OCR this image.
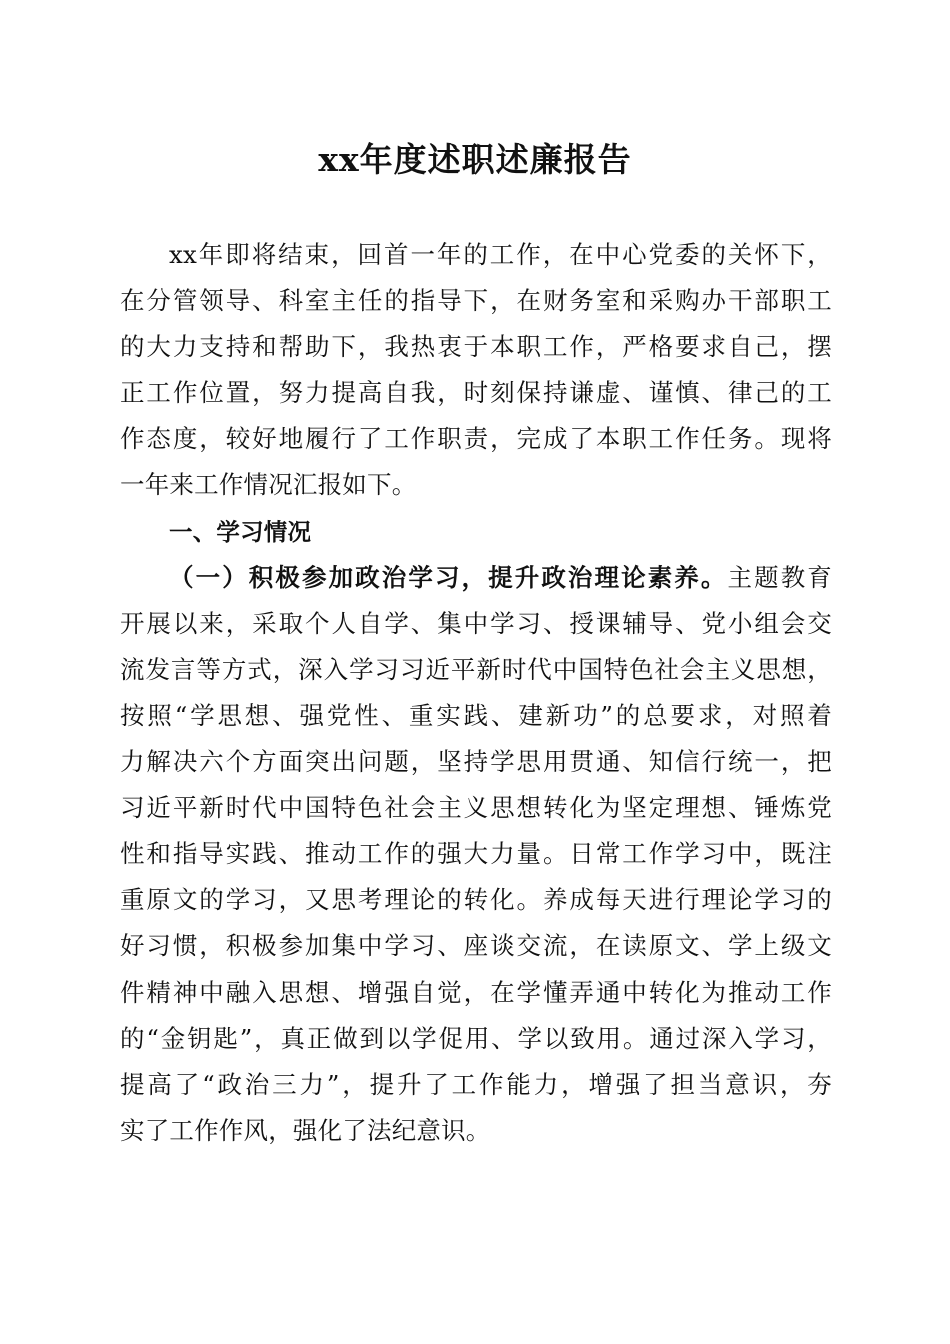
xx年度述职述廉报告
xx年即将结束，回首一年的工作，在中心党委的关怀下，
在分管领导、科室主任的指导下，在财务室和采购办干部职工
的大力支持和帮助下，我热衷于本职工作，严格要求自己，摆
正工作位置，努力提高自我，时刻保持谦虚、谨慎、律己的工
作态度，较好地履行了工作职责，完成了本职工作任务。现将
一年来工作情况汇报如下。
一、学习情况
（一）积极参加政治学习，提升政治理论素养。主题教育
开展以来，采取个人自学、集中学习、授课辅导、党小组会交
流发言等方式，深入学习习近平新时代中国特色社会主义思想，
按照“学思想、强党性、重实践、建新功”的总要求，对照着
力解决六个方面突出问题，坚持学思用贯通、知信行统一，把
习近平新时代中国特色社会主义思想转化为坚定理想、锤炼党
性和指导实践、推动工作的强大力量。日常工作学习中，既注
重原文的学习，又思考理论的转化。养成每天进行理论学习的
好习惯，积极参加集中学习、座谈交流，在读原文、学上级文
件精神中融入思想、增强自觉，在学懂弄通中转化为推动工作
的“金钥匙”，真正做到以学促用、学以致用。通过深入学习，
提高了“政治三力”，提升了工作能力，增强了担当意识，夯
实了工作作风，强化了法纪意识。
